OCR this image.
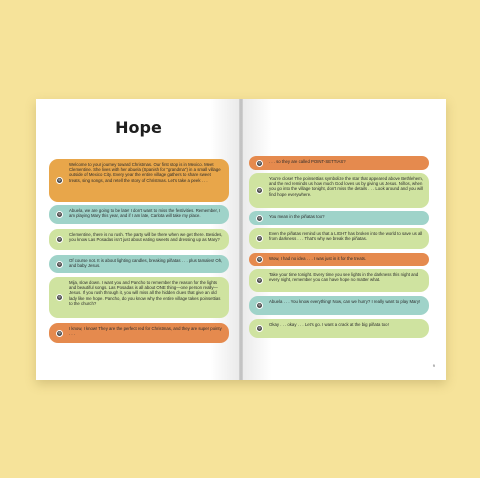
Hope
Welcome to your journey toward Christmas. Our first stop is in Mexico. Meet Clementine. She lives with her abuela (Spanish for "grandma") in a small village outside of Mexico City. Every year the entire village gathers to share sweet treats, sing songs, and retell the story of Christmas. Let's take a peek . . .
Abuela, we are going to be late! I don't want to miss the festivities. Remember, I am playing Mary this year, and if I am late, Carlota will take my place.
Clementine, there is no rush. The party will be there when we get there. Besides, you know Las Posadas isn't just about eating sweets and dressing up as Mary?
Of course not. It is about lighting candles, breaking piñatas . . . plus tamales! Oh, and baby Jesus.
Mija, slow down. I want you and Pancho to remember the reason for the lights and beautiful songs. Las Posadas is all about ONE thing—one person really—Jesus. If you rush through it, you will miss all the hidden clues that give an old lady like me hope. Pancho, do you know why the entire village takes poinsettias to the church?
I know, I know! They are the perfect red for Christmas, and they are super pointy . . .
. . . so they are called POINT-SETTIAS?
You're close! The poinsettias symbolize the star that appeared above Bethlehem, and the red reminds us how much God loves us by giving us Jesus. Niños, when you go into the village tonight, don't miss the details . . . Look around and you will find hope everywhere.
You mean in the piñatas too?
Even the piñatas remind us that a LIGHT has broken into the world to save us all from darkness . . . That's why we break the piñatas.
Wow, I had no idea . . . I was just in it for the treats.
Take your time tonight. Every time you see lights in the darkness this night and every night, remember you can have hope no matter what.
Abuela . . . You know everything! Now, can we hurry? I really want to play Mary!
Okay . . . okay . . . Let's go. I want a crack at the big piñata too!
9
